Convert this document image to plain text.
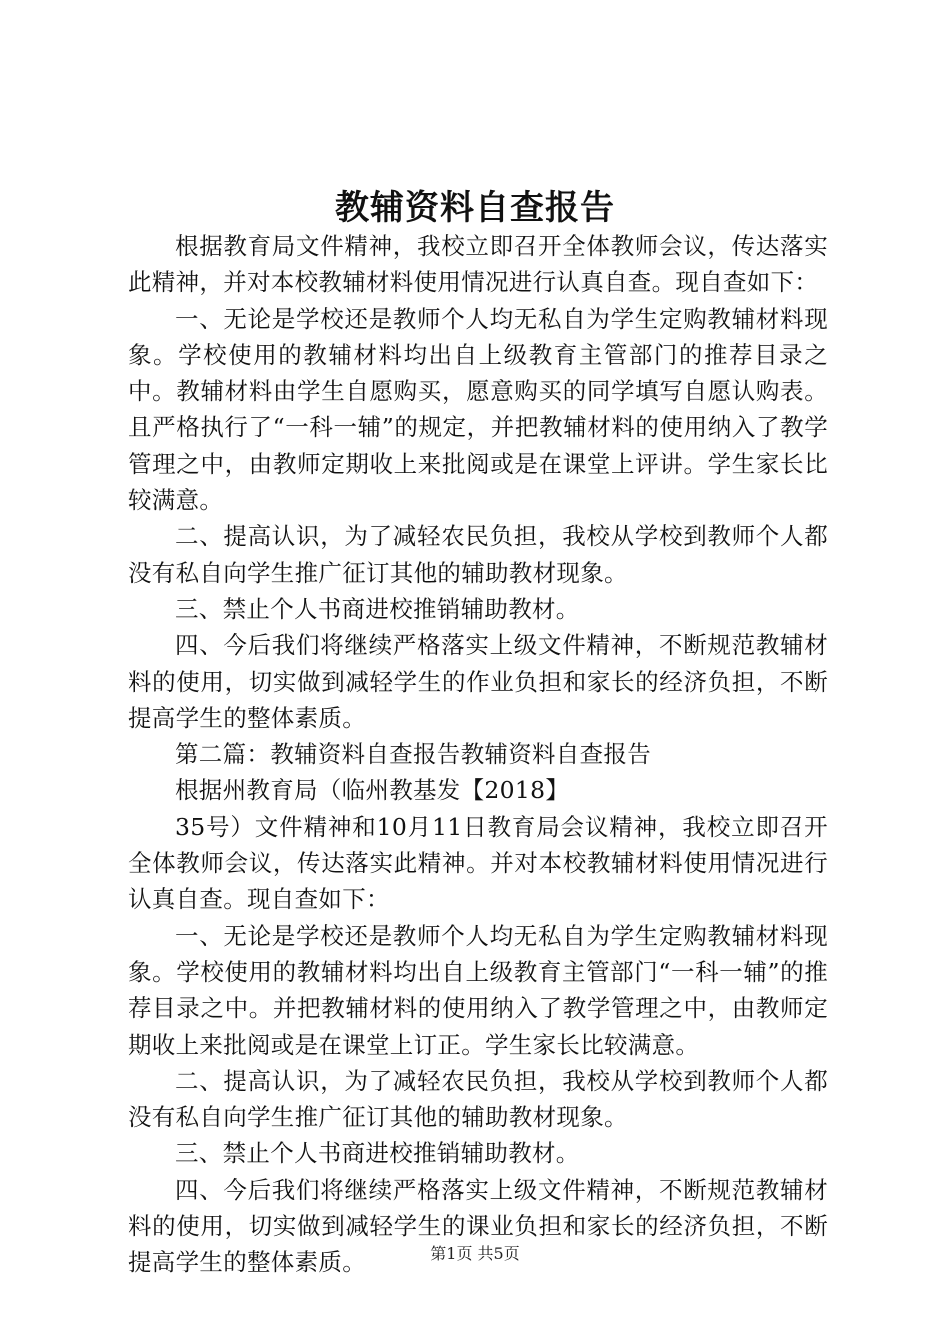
教辅资料自查报告

根据教育局文件精神，我校立即召开全体教师会议，传达落实此精神，并对本校教辅材料使用情况进行认真自查。现自查如下：

一、无论是学校还是教师个人均无私自为学生定购教辅材料现象。学校使用的教辅材料均出自上级教育主管部门的推荐目录之中。教辅材料由学生自愿购买，愿意购买的同学填写自愿认购表。且严格执行了“一科一辅”的规定，并把教辅材料的使用纳入了教学管理之中，由教师定期收上来批阅或是在课堂上评讲。学生家长比较满意。

二、提高认识，为了减轻农民负担，我校从学校到教师个人都没有私自向学生推广征订其他的辅助教材现象。

三、禁止个人书商进校推销辅助教材。

四、今后我们将继续严格落实上级文件精神，不断规范教辅材料的使用，切实做到减轻学生的作业负担和家长的经济负担，不断提高学生的整体素质。

第二篇：教辅资料自查报告教辅资料自查报告

根据州教育局（临州教基发【2018】

35号）文件精神和10月11日教育局会议精神，我校立即召开全体教师会议，传达落实此精神。并对本校教辅材料使用情况进行认真自查。现自查如下：

一、无论是学校还是教师个人均无私自为学生定购教辅材料现象。学校使用的教辅材料均出自上级教育主管部门“一科一辅”的推荐目录之中。并把教辅材料的使用纳入了教学管理之中，由教师定期收上来批阅或是在课堂上订正。学生家长比较满意。

二、提高认识，为了减轻农民负担，我校从学校到教师个人都没有私自向学生推广征订其他的辅助教材现象。

三、禁止个人书商进校推销辅助教材。

四、今后我们将继续严格落实上级文件精神，不断规范教辅材料的使用，切实做到减轻学生的课业负担和家长的经济负担，不断提高学生的整体素质。	第1页 共5页
